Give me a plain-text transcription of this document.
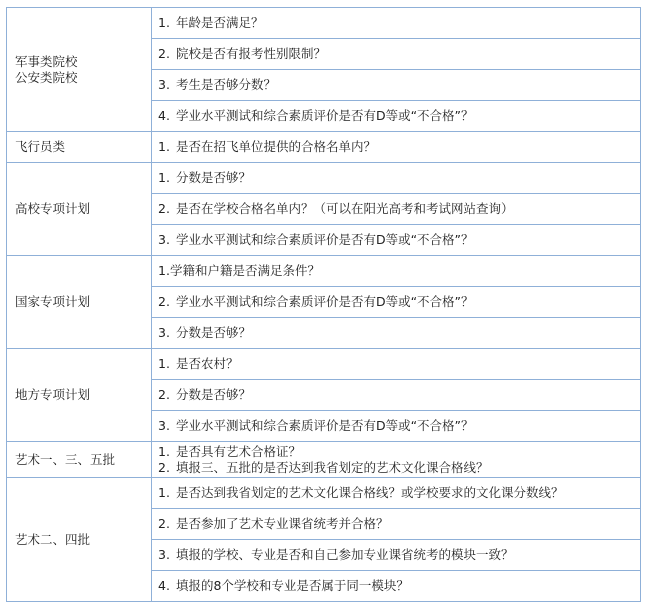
军事类院校
公安类院校	1. 年龄是否满足？
	2. 院校是否有报考性别限制？
	3. 考生是否够分数？
	4. 学业水平测试和综合素质评价是否有D等或“不合格”？

飞行员类	1. 是否在招飞单位提供的合格名单内？

高校专项计划	1. 分数是否够？
	2. 是否在学校合格名单内？（可以在阳光高考和考试网站查询）
	3. 学业水平测试和综合素质评价是否有D等或“不合格”？

国家专项计划	1.学籍和户籍是否满足条件？
	2. 学业水平测试和综合素质评价是否有D等或“不合格”？
	3. 分数是否够？

地方专项计划	1. 是否农村？
	2. 分数是否够？
	3. 学业水平测试和综合素质评价是否有D等或“不合格”？

艺术一、三、五批	1. 是否具有艺术合格证？
2. 填报三、五批的是否达到我省划定的艺术文化课合格线？

艺术二、四批	1. 是否达到我省划定的艺术文化课合格线？或学校要求的文化课分数线？
	2. 是否参加了艺术专业课省统考并合格？
	3. 填报的学校、专业是否和自己参加专业课省统考的模块一致？
	4. 填报的8个学校和专业是否属于同一模块？
